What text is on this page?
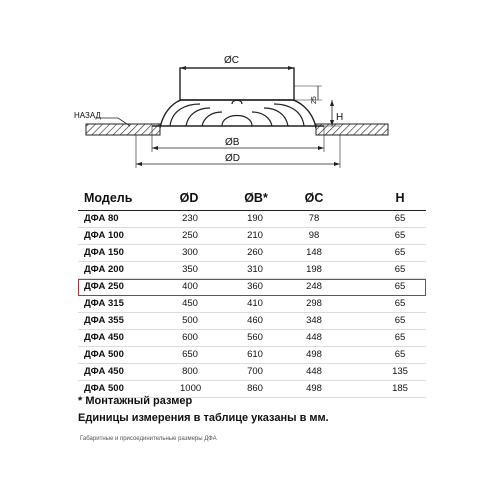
НАЗАД
ØC
25
H
ØB
ØD
Модель	ØD	ØB*	ØC	H
ДФА 80	230	190	78	65
ДФА 100	250	210	98	65
ДФА 150	300	260	148	65
ДФА 200	350	310	198	65
ДФА 250	400	360	248	65
ДФА 315	450	410	298	65
ДФА 355	500	460	348	65
ДФА 450	600	560	448	65
ДФА 500	650	610	498	65
ДФА 450	800	700	448	135
ДФА 500	1000	860	498	185
* Монтажный размер
Единицы измерения в таблице указаны в мм.
Габаритные и присоединительные размеры ДФА
